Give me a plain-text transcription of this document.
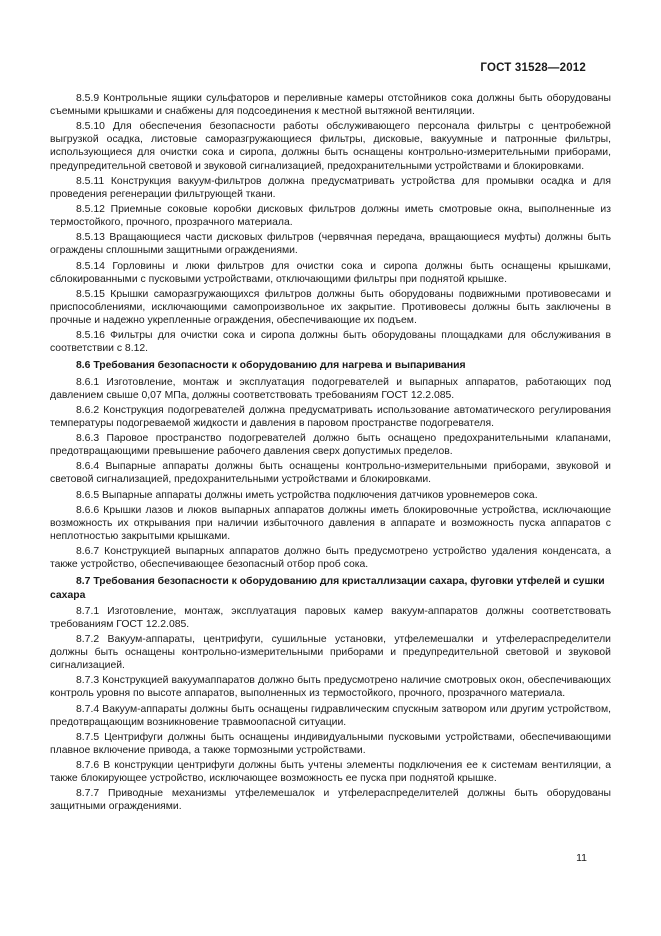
ГОСТ 31528—2012

8.5.9 Контрольные ящики сульфаторов и переливные камеры отстойников сока должны быть оборудованы съемными крышками и снабжены для подсоединения к местной вытяжной вентиляции.

8.5.10 Для обеспечения безопасности работы обслуживающего персонала фильтры с центробежной выгрузкой осадка, листовые саморазгружающиеся фильтры, дисковые, вакуумные и патронные фильтры, использующиеся для очистки сока и сиропа, должны быть оснащены контрольно-измерительными приборами, предупредительной световой и звуковой сигнализацией, предохранительными устройствами и блокировками.

8.5.11 Конструкция вакуум-фильтров должна предусматривать устройства для промывки осадка и для проведения регенерации фильтрующей ткани.

8.5.12 Приемные соковые коробки дисковых фильтров должны иметь смотровые окна, выполненные из термостойкого, прочного, прозрачного материала.

8.5.13 Вращающиеся части дисковых фильтров (червячная передача, вращающиеся муфты) должны быть ограждены сплошными защитными ограждениями.

8.5.14 Горловины и люки фильтров для очистки сока и сиропа должны быть оснащены крышками, сблокированными с пусковыми устройствами, отключающими фильтры при поднятой крышке.

8.5.15 Крышки саморазгружающихся фильтров должны быть оборудованы подвижными противовесами и приспособлениями, исключающими самопроизвольное их закрытие. Противовесы должны быть заключены в прочные и надежно укрепленные ограждения, обеспечивающие их подъем.

8.5.16 Фильтры для очистки сока и сиропа должны быть оборудованы площадками для обслуживания в соответствии с 8.12.

8.6 Требования безопасности к оборудованию для нагрева и выпаривания

8.6.1 Изготовление, монтаж и эксплуатация подогревателей и выпарных аппаратов, работающих под давлением свыше 0,07 МПа, должны соответствовать требованиям ГОСТ 12.2.085.

8.6.2 Конструкция подогревателей должна предусматривать использование автоматического регулирования температуры подогреваемой жидкости и давления в паровом пространстве подогревателя.

8.6.3 Паровое пространство подогревателей должно быть оснащено предохранительными клапанами, предотвращающими превышение рабочего давления сверх допустимых пределов.

8.6.4 Выпарные аппараты должны быть оснащены контрольно-измерительными приборами, звуковой и световой сигнализацией, предохранительными устройствами и блокировками.

8.6.5 Выпарные аппараты должны иметь устройства подключения датчиков уровнемеров сока.

8.6.6 Крышки лазов и люков выпарных аппаратов должны иметь блокировочные устройства, исключающие возможность их открывания при наличии избыточного давления в аппарате и возможность пуска аппаратов с неплотностью закрытыми крышками.

8.6.7 Конструкцией выпарных аппаратов должно быть предусмотрено устройство удаления конденсата, а также устройство, обеспечивающее безопасный отбор проб сока.

8.7 Требования безопасности к оборудованию для кристаллизации сахара, фуговки утфелей и сушки сахара

8.7.1 Изготовление, монтаж, эксплуатация паровых камер вакуум-аппаратов должны соответствовать требованиям ГОСТ 12.2.085.

8.7.2 Вакуум-аппараты, центрифуги, сушильные установки, утфелемешалки и утфелераспределители должны быть оснащены контрольно-измерительными приборами и предупредительной световой и звуковой сигнализацией.

8.7.3 Конструкцией вакуумаппаратов должно быть предусмотрено наличие смотровых окон, обеспечивающих контроль уровня по высоте аппаратов, выполненных из термостойкого, прочного, прозрачного материала.

8.7.4 Вакуум-аппараты должны быть оснащены гидравлическим спускным затвором или другим устройством, предотвращающим возникновение травмоопасной ситуации.

8.7.5 Центрифуги должны быть оснащены индивидуальными пусковыми устройствами, обеспечивающими плавное включение привода, а также тормозными устройствами.

8.7.6 В конструкции центрифуги должны быть учтены элементы подключения ее к системам вентиляции, а также блокирующее устройство, исключающее возможность ее пуска при поднятой крышке.

8.7.7 Приводные механизмы утфелемешалок и утфелераспределителей должны быть оборудованы защитными ограждениями.

11
